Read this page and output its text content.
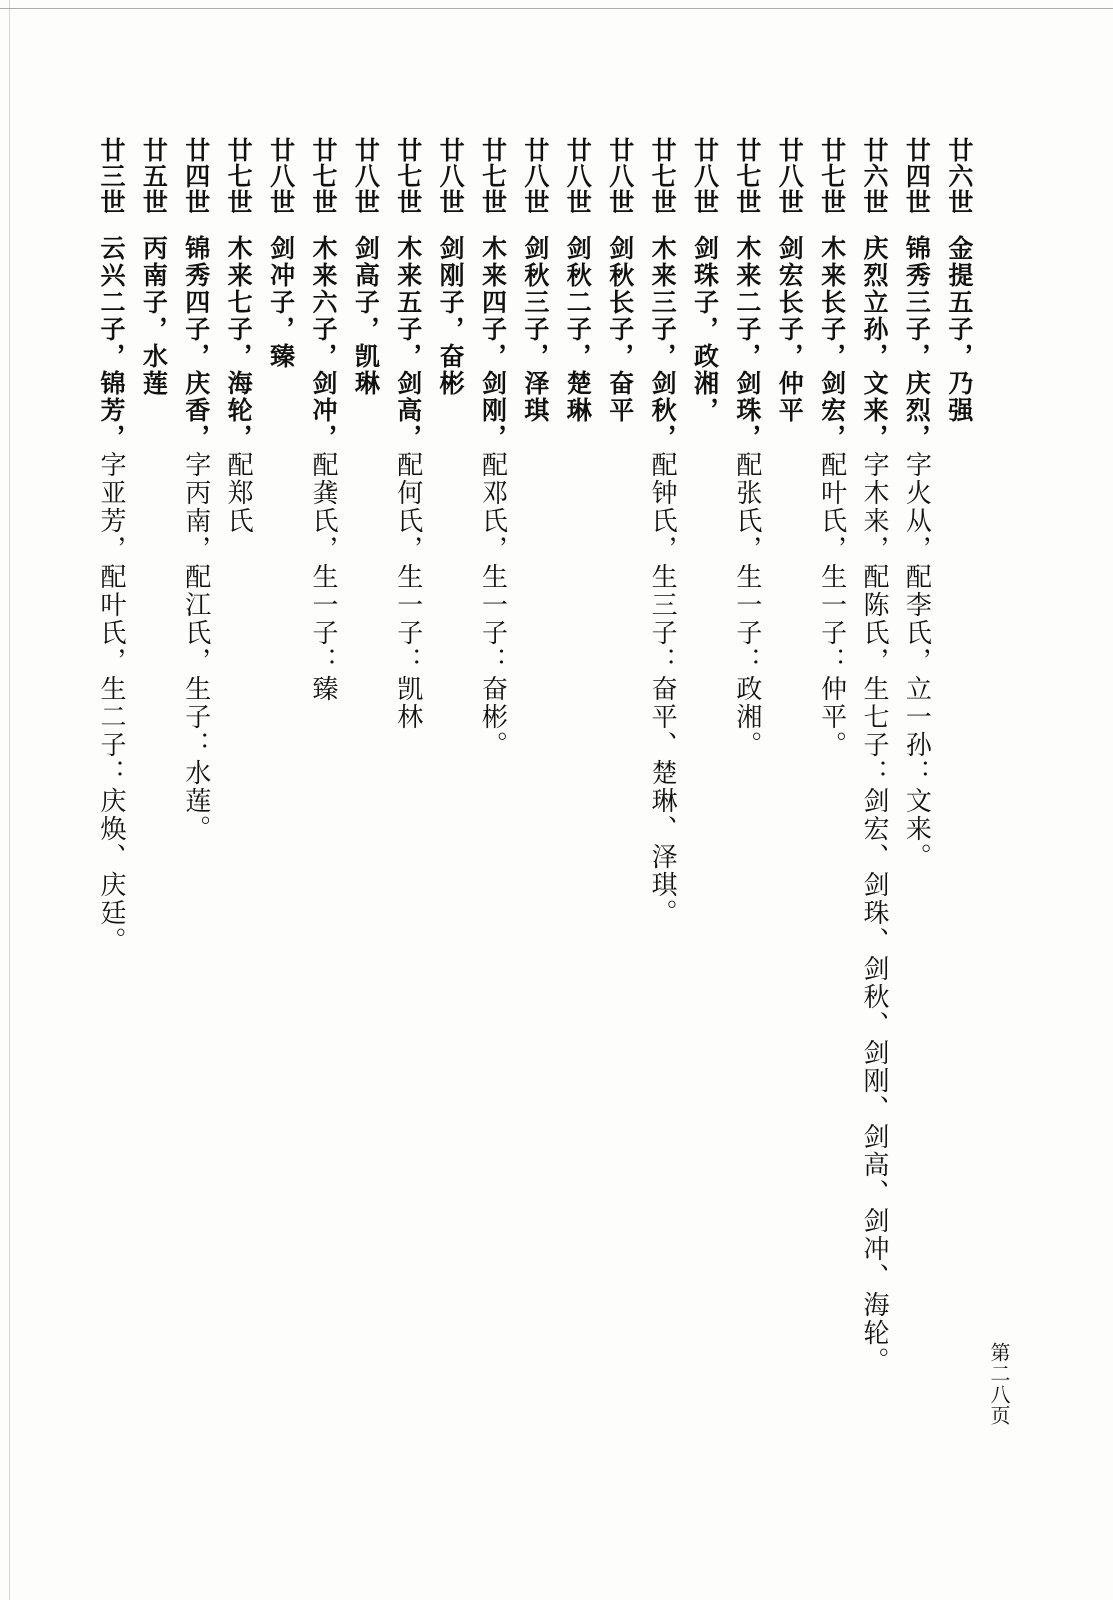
廿六世
金提五子，乃强
廿四世
锦秀三子，庆烈，字火从，配李氏，立一孙：文来。
廿六世
庆烈立孙，文来，字木来，配陈氏，生七子：剑宏、剑珠、剑秋、剑刚、剑高、剑冲、海轮。
廿七世
木来长子，剑宏，配叶氏，生一子：仲平。
廿八世
剑宏长子，仲平
廿七世
木来二子，剑珠，配张氏，生一子：政湘。
廿八世
剑珠子，政湘，
廿七世
木来三子，剑秋，配钟氏，生三子：奋平、楚琳、泽琪。
廿八世
剑秋长子，奋平
廿八世
剑秋二子，楚琳
廿八世
剑秋三子，泽琪
廿七世
木来四子，剑刚，配邓氏，生一子：奋彬。
廿八世
剑刚子，奋彬
廿七世
木来五子，剑高，配何氏，生一子：凯林
廿八世
剑高子，凯琳
廿七世
木来六子，剑冲，配龚氏，生一子：臻
廿八世
剑冲子，臻
廿七世
木来七子，海轮，配郑氏
廿四世
锦秀四子，庆香，字丙南，配江氏，生子：水莲。
廿五世
丙南子，水莲
廿三世
云兴二子，锦芳，字亚芳，配叶氏，生二子：庆焕、庆廷。
第二八页
